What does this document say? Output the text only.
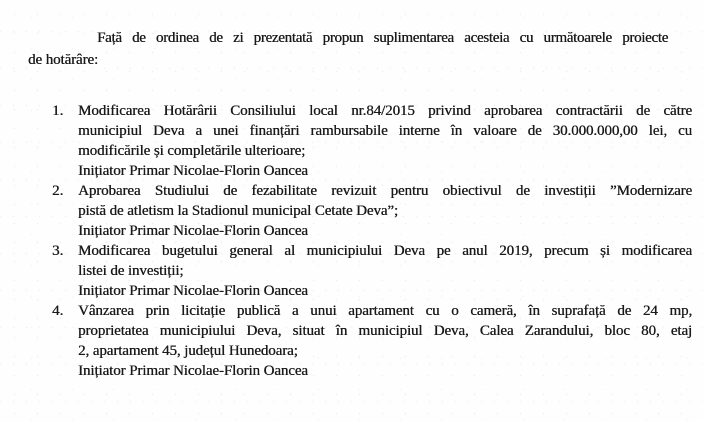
Față de ordinea de zi prezentată propun suplimentarea acesteia cu următoarele proiecte
de hotărâre:
1. Modificarea Hotărârii Consiliului local nr.84/2015 privind aprobarea contractării de către
municipiul Deva a unei finanțări rambursabile interne în valoare de 30.000.000,00 lei, cu
modificările și completările ulterioare;
Inițiator Primar Nicolae-Florin Oancea
2. Aprobarea Studiului de fezabilitate revizuit pentru obiectivul de investiții ”Modernizare
pistă de atletism la Stadionul municipal Cetate Deva”;
Inițiator Primar Nicolae-Florin Oancea
3. Modificarea bugetului general al municipiului Deva pe anul 2019, precum și modificarea
listei de investiții;
Inițiator Primar Nicolae-Florin Oancea
4. Vânzarea prin licitație publică a unui apartament cu o cameră, în suprafață de 24 mp,
proprietatea municipiului Deva, situat în municipiul Deva, Calea Zarandului, bloc 80, etaj
2, apartament 45, județul Hunedoara;
Inițiator Primar Nicolae-Florin Oancea
